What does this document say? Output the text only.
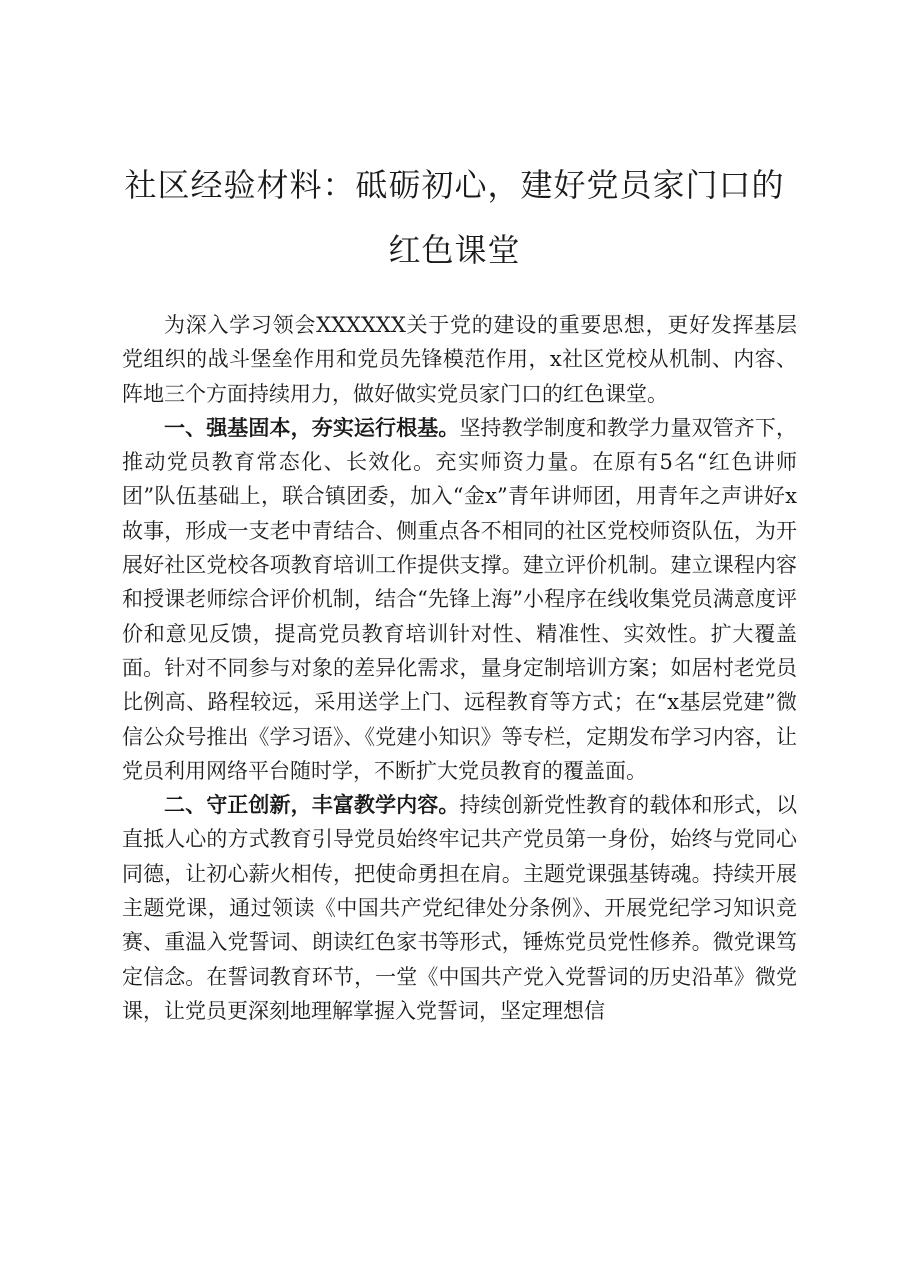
社区经验材料：砥砺初心，建好党员家门口的
红色课堂

为深入学习领会XXXXXX关于党的建设的重要思想，更好发挥基层党组织的战斗堡垒作用和党员先锋模范作用，x社区党校从机制、内容、阵地三个方面持续用力，做好做实党员家门口的红色课堂。

一、强基固本，夯实运行根基。坚持教学制度和教学力量双管齐下，推动党员教育常态化、长效化。充实师资力量。在原有5名“红色讲师团”队伍基础上，联合镇团委，加入“金x”青年讲师团，用青年之声讲好x故事，形成一支老中青结合、侧重点各不相同的社区党校师资队伍，为开展好社区党校各项教育培训工作提供支撑。建立评价机制。建立课程内容和授课老师综合评价机制，结合“先锋上海”小程序在线收集党员满意度评价和意见反馈，提高党员教育培训针对性、精准性、实效性。扩大覆盖面。针对不同参与对象的差异化需求，量身定制培训方案；如居村老党员比例高、路程较远，采用送学上门、远程教育等方式；在“x基层党建”微信公众号推出《学习语》、《党建小知识》等专栏，定期发布学习内容，让党员利用网络平台随时学，不断扩大党员教育的覆盖面。

二、守正创新，丰富教学内容。持续创新党性教育的载体和形式，以直抵人心的方式教育引导党员始终牢记共产党员第一身份，始终与党同心同德，让初心薪火相传，把使命勇担在肩。主题党课强基铸魂。持续开展主题党课，通过领读《中国共产党纪律处分条例》、开展党纪学习知识竞赛、重温入党誓词、朗读红色家书等形式，锤炼党员党性修养。微党课笃定信念。在誓词教育环节，一堂《中国共产党入党誓词的历史沿革》微党课，让党员更深刻地理解掌握入党誓词，坚定理想信
